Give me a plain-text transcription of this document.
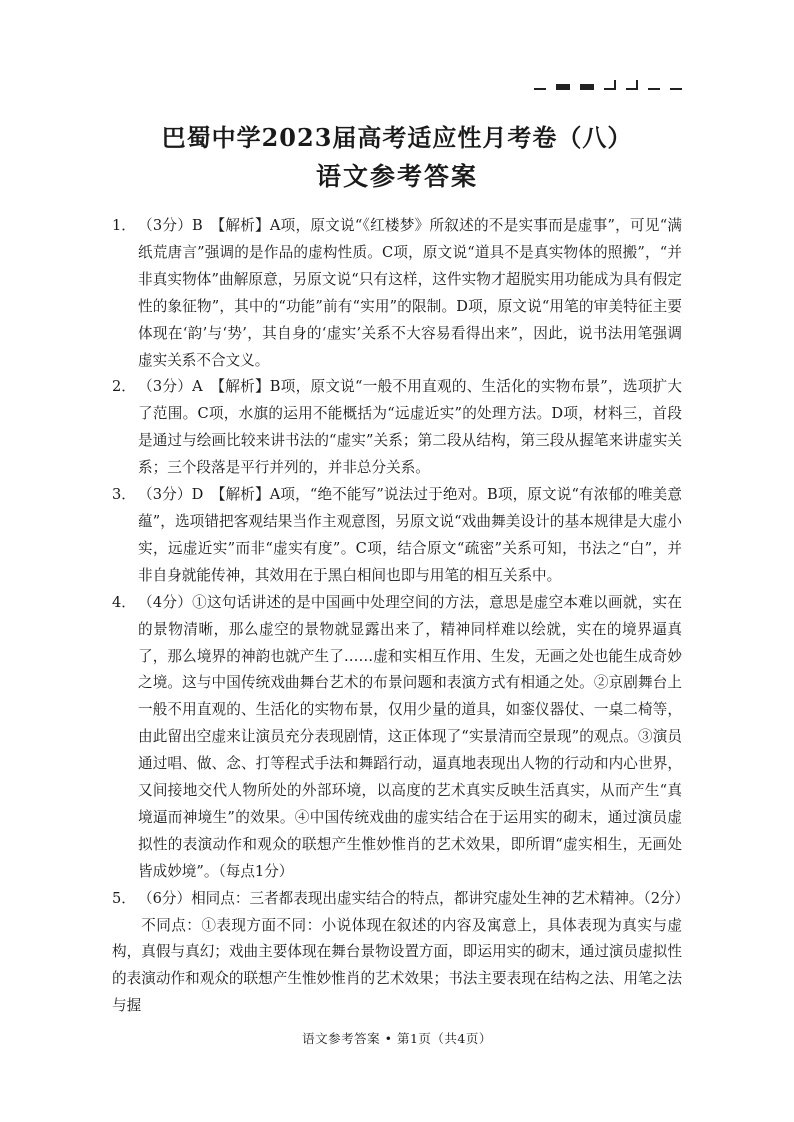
巴蜀中学2023届高考适应性月考卷（八）
语文参考答案
1． （3分）B　【解析】A项，原文说“《红楼梦》所叙述的不是实事而是虚事”，可见“满纸荒唐言”强调的是作品的虚构性质。C项，原文说“道具不是真实物体的照搬”，“并非真实物体”曲解原意，另原文说“只有这样，这件实物才超脱实用功能成为具有假定性的象征物”，其中的“功能”前有“实用”的限制。D项，原文说“用笔的审美特征主要体现在‘韵’与‘势’，其自身的‘虚实’关系不大容易看得出来”，因此，说书法用笔强调虚实关系不合文义。
2． （3分）A　【解析】B项，原文说“一般不用直观的、生活化的实物布景”，选项扩大了范围。C项，水旗的运用不能概括为“远虚近实”的处理方法。D项，材料三，首段是通过与绘画比较来讲书法的“虚实”关系；第二段从结构，第三段从握笔来讲虚实关系；三个段落是平行并列的，并非总分关系。
3． （3分）D　【解析】A项，“绝不能写”说法过于绝对。B项，原文说“有浓郁的唯美意蕴”，选项错把客观结果当作主观意图，另原文说“戏曲舞美设计的基本规律是大虚小实，远虚近实”而非“虚实有度”。C项，结合原文“疏密”关系可知，书法之“白”，并非自身就能传神，其效用在于黑白相间也即与用笔的相互关系中。
4． （4分）①这句话讲述的是中国画中处理空间的方法，意思是虚空本难以画就，实在的景物清晰，那么虚空的景物就显露出来了，精神同样难以绘就，实在的境界逼真了，那么境界的神韵也就产生了……虚和实相互作用、生发，无画之处也能生成奇妙之境。这与中国传统戏曲舞台艺术的布景问题和表演方式有相通之处。②京剧舞台上一般不用直观的、生活化的实物布景，仅用少量的道具，如銮仪器仗、一桌二椅等，由此留出空虚来让演员充分表现剧情，这正体现了“实景清而空景现”的观点。③演员通过唱、做、念、打等程式手法和舞蹈行动，逼真地表现出人物的行动和内心世界，又间接地交代人物所处的外部环境，以高度的艺术真实反映生活真实，从而产生“真境逼而神境生”的效果。④中国传统戏曲的虚实结合在于运用实的砌末，通过演员虚拟性的表演动作和观众的联想产生惟妙惟肖的艺术效果，即所谓“虚实相生，无画处皆成妙境”。（每点1分）
5． （6分）相同点：三者都表现出虚实结合的特点，都讲究虚处生神的艺术精神。（2分）

不同点：①表现方面不同：小说体现在叙述的内容及寓意上，具体表现为真实与虚构，真假与真幻；戏曲主要体现在舞台景物设置方面，即运用实的砌末，通过演员虚拟性的表演动作和观众的联想产生惟妙惟肖的艺术效果；书法主要表现在结构之法、用笔之法与握

语文参考答案 • 第1页（共4页）
